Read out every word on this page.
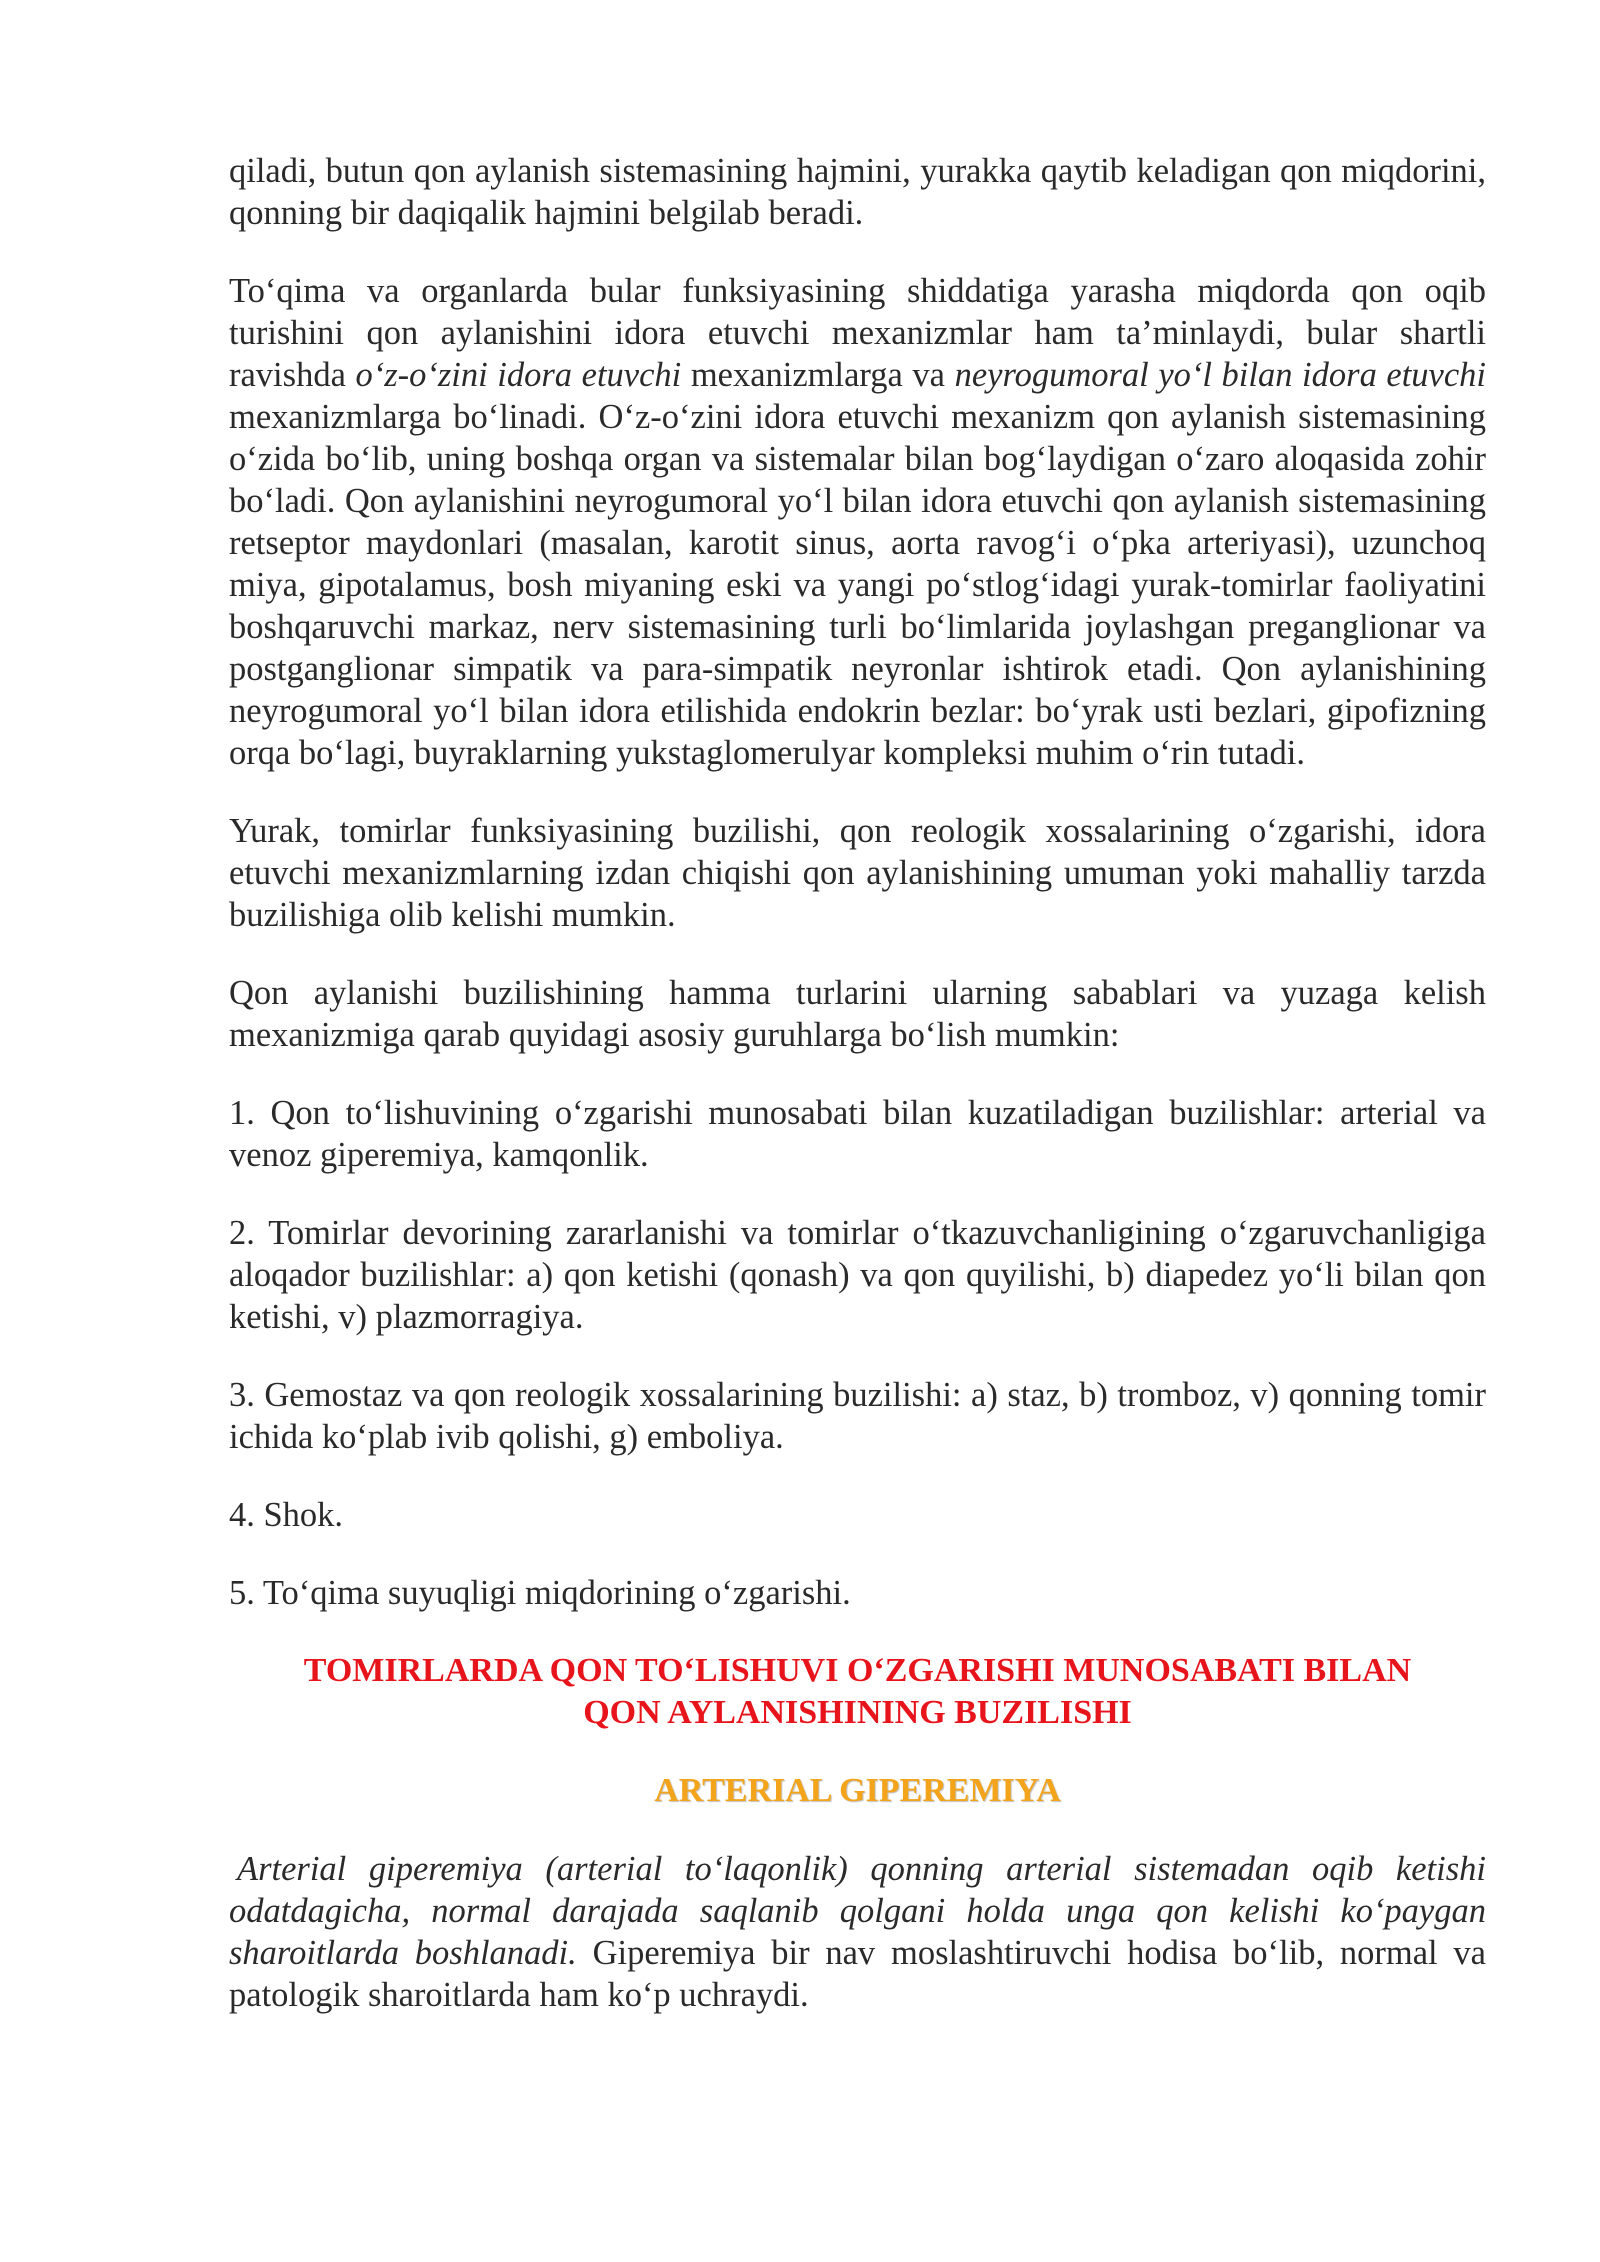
qiladi, butun qon aylanish sistemasining hajmini, yurakka qaytib keladigan qon miqdorini, qonning bir daqiqalik hajmini belgilab beradi.

To‘qima va organlarda bular funksiyasining shiddatiga yarasha miqdorda qon oqib turishini qon aylanishini idora etuvchi mexanizmlar ham ta’minlaydi, bular shartli ravishda o‘z-o‘zini idora etuvchi mexanizmlarga va neyrogumoral yo‘l bilan idora etuvchi mexanizmlarga bo‘linadi. O‘z-o‘zini idora etuvchi mexanizm qon aylanish sistemasining o‘zida bo‘lib, uning boshqa organ va sistemalar bilan bog‘laydigan o‘zaro aloqasida zohir bo‘ladi. Qon aylanishini neyrogumoral yo‘l bilan idora etuvchi qon aylanish sistemasining retseptor maydonlari (masalan, karotit sinus, aorta ravog‘i o‘pka arteriyasi), uzunchoq miya, gipotalamus, bosh miyaning eski va yangi po‘stlog‘idagi yurak-tomirlar faoliyatini boshqaruvchi markaz, nerv sistemasining turli bo‘limlarida joylashgan preganglionar va postganglionar simpatik va para-simpatik neyronlar ishtirok etadi. Qon aylanishining neyrogumoral yo‘l bilan idora etilishida endokrin bezlar: bo‘yrak usti bezlari, gipofizning orqa bo‘lagi, buyraklarning yukstaglomerulyar kompleksi muhim o‘rin tutadi.

Yurak, tomirlar funksiyasining buzilishi, qon reologik xossalarining o‘zgarishi, idora etuvchi mexanizmlarning izdan chiqishi qon aylanishining umuman yoki mahalliy tarzda buzilishiga olib kelishi mumkin.

Qon aylanishi buzilishining hamma turlarini ularning sabablari va yuzaga kelish mexanizmiga qarab quyidagi asosiy guruhlarga bo‘lish mumkin:

1. Qon to‘lishuvining o‘zgarishi munosabati bilan kuzatiladigan buzilishlar: arterial va venoz giperemiya, kamqonlik.

2. Tomirlar devorining zararlanishi va tomirlar o‘tkazuvchanligining o‘zgaruvchanligiga aloqador buzilishlar: a) qon ketishi (qonash) va qon quyilishi, b) diapedez yo‘li bilan qon ketishi, v) plazmorragiya.

3. Gemostaz va qon reologik xossalarining buzilishi: a) staz, b) tromboz, v) qonning tomir ichida ko‘plab ivib qolishi, g) emboliya.

4. Shok.

5. To‘qima suyuqligi miqdorining o‘zgarishi.

TOMIRLARDA QON TO‘LISHUVI O‘ZGARISHI MUNOSABATI BILAN
QON AYLANISHINING BUZILISHI
ARTERIAL GIPEREMIYA

Arterial giperemiya (arterial to‘laqonlik) qonning arterial sistemadan oqib ketishi odatdagicha, normal darajada saqlanib qolgani holda unga qon kelishi ko‘paygan sharoitlarda boshlanadi. Giperemiya bir nav moslashtiruvchi hodisa bo‘lib, normal va patologik sharoitlarda ham ko‘p uchraydi.
